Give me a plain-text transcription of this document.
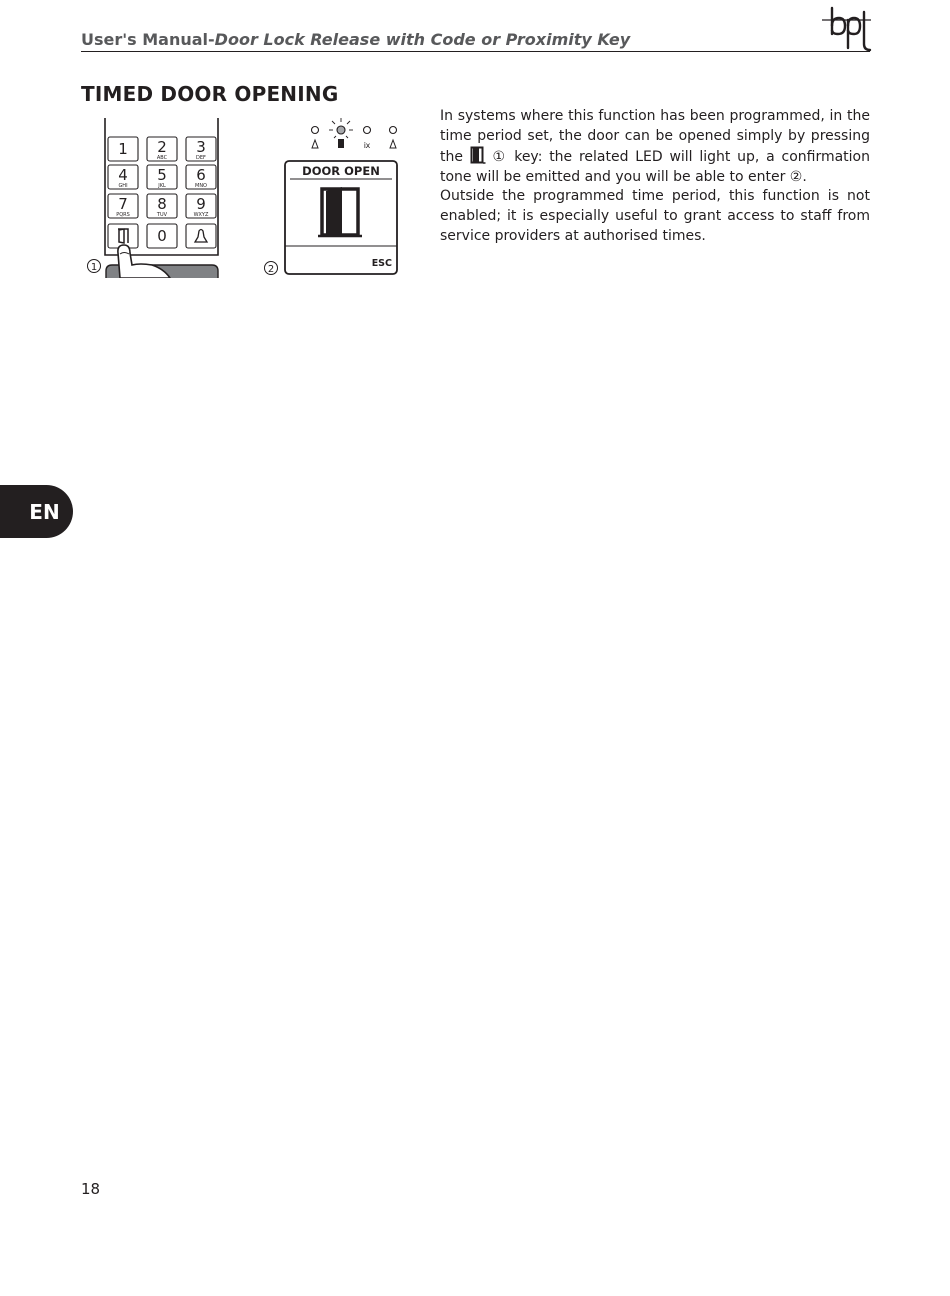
User's Manual-Door Lock Release with Code or Proximity Key
TIMED DOOR OPENING
1 2
ABC
3
DEF
4
GHI
5
JKL
6
MNO
7
PQRS
8
TUV
9
WXYZ
0
1
ⅸ
DOOR OPEN
ESC
2

In systems where this function has been programmed, in the time period set, the door can be opened simply by pressing the  ① key: the related LED will light up, a confirmation tone will be emitted and you will be able to enter ②.

Outside the programmed time period, this function is not enabled; it is especially useful to grant access to staff from service providers at authorised times.

EN
18
